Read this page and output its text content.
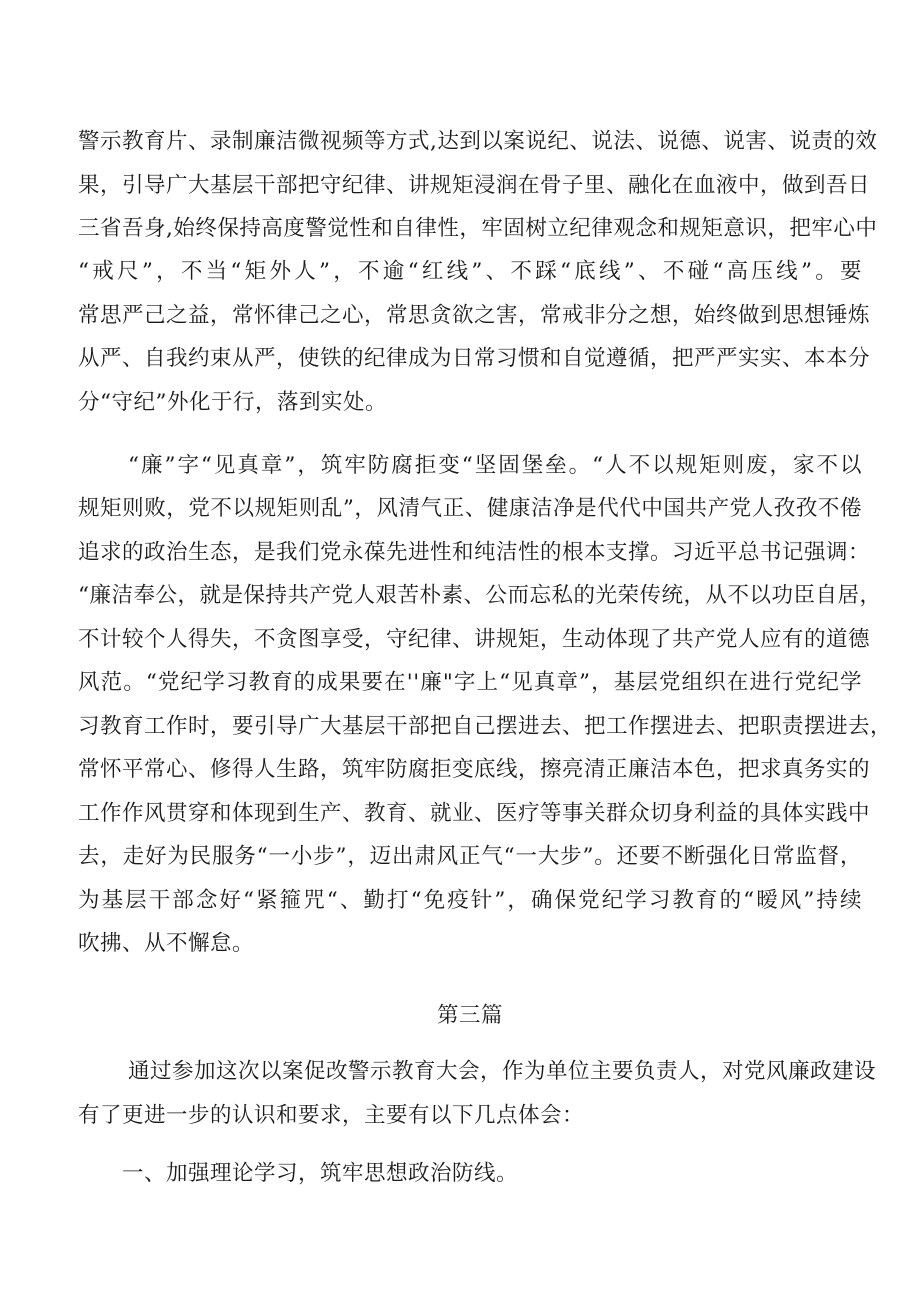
警示教育片、录制廉洁微视频等方式,达到以案说纪、说法、说德、说害、说责的效
果，引导广大基层干部把守纪律、讲规矩浸润在骨子里、融化在血液中，做到吾日
三省吾身,始终保持高度警觉性和自律性，牢固树立纪律观念和规矩意识，把牢心中
“戒尺”，不当“矩外人”，不逾“红线”、不踩“底线”、不碰“高压线”。要
常思严己之益，常怀律己之心，常思贪欲之害，常戒非分之想，始终做到思想锤炼
从严、自我约束从严，使铁的纪律成为日常习惯和自觉遵循，把严严实实、本本分
分“守纪”外化于行，落到实处。
“廉”字“见真章”，筑牢防腐拒变“坚固堡垒。“人不以规矩则废，家不以
规矩则败，党不以规矩则乱”，风清气正、健康洁净是代代中国共产党人孜孜不倦
追求的政治生态，是我们党永葆先进性和纯洁性的根本支撑。习近平总书记强调：
“廉洁奉公，就是保持共产党人艰苦朴素、公而忘私的光荣传统，从不以功臣自居，
不计较个人得失，不贪图享受，守纪律、讲规矩，生动体现了共产党人应有的道德
风范。“党纪学习教育的成果要在''廉"字上“见真章”，基层党组织在进行党纪学
习教育工作时，要引导广大基层干部把自己摆进去、把工作摆进去、把职责摆进去，
常怀平常心、修得人生路，筑牢防腐拒变底线，擦亮清正廉洁本色，把求真务实的
工作作风贯穿和体现到生产、教育、就业、医疗等事关群众切身利益的具体实践中
去，走好为民服务“一小步”，迈出肃风正气“一大步”。还要不断强化日常监督，
为基层干部念好“紧箍咒“、勤打“免疫针”，确保党纪学习教育的“暧风”持续
吹拂、从不懈怠。
第三篇
通过参加这次以案促改警示教育大会，作为单位主要负责人，对党风廉政建设
有了更进一步的认识和要求，主要有以下几点体会：
一、加强理论学习，筑牢思想政治防线。
